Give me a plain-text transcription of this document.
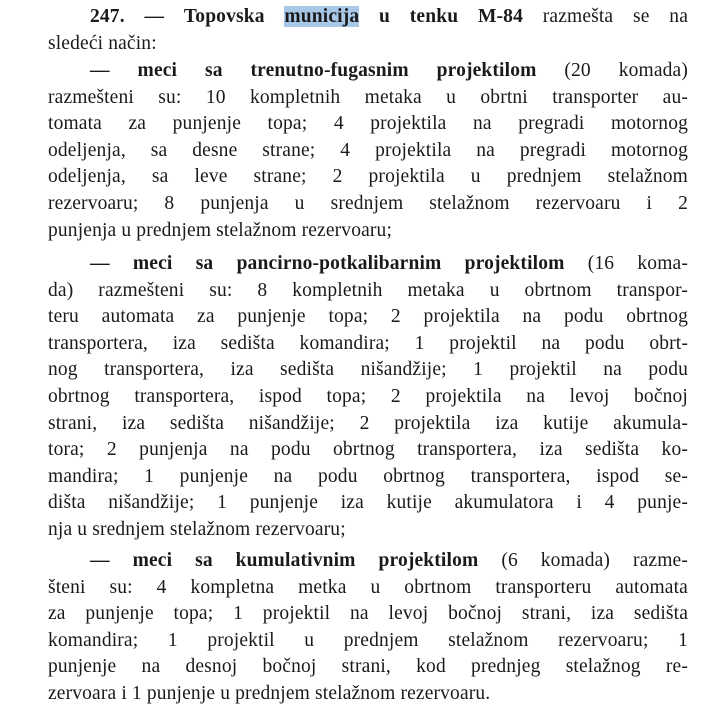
247. — Topovska municija u tenku M-84 razmešta se na
sledeći način:
— meci sa trenutno-fugasnim projektilom (20 komada)
razmešteni su: 10 kompletnih metaka u obrtni transporter au-
tomata za punjenje topa; 4 projektila na pregradi motornog
odeljenja, sa desne strane; 4 projektila na pregradi motornog
odeljenja, sa leve strane; 2 projektila u prednjem stelažnom
rezervoaru; 8 punjenja u srednjem stelažnom rezervoaru i 2
punjenja u prednjem stelažnom rezervoaru;
— meci sa pancirno-potkalibarnim projektilom (16 koma-
da) razmešteni su: 8 kompletnih metaka u obrtnom transpor-
teru automata za punjenje topa; 2 projektila na podu obrtnog
transportera, iza sedišta komandira; 1 projektil na podu obrt-
nog transportera, iza sedišta nišandžije; 1 projektil na podu
obrtnog transportera, ispod topa; 2 projektila na levoj bočnoj
strani, iza sedišta nišandžije; 2 projektila iza kutije akumula-
tora; 2 punjenja na podu obrtnog transportera, iza sedišta ko-
mandira; 1 punjenje na podu obrtnog transportera, ispod se-
dišta nišandžije; 1 punjenje iza kutije akumulatora i 4 punje-
nja u srednjem stelažnom rezervoaru;
— meci sa kumulativnim projektilom (6 komada) razme-
šteni su: 4 kompletna metka u obrtnom transporteru automata
za punjenje topa; 1 projektil na levoj bočnoj strani, iza sedišta
komandira; 1 projektil u prednjem stelažnom rezervoaru; 1
punjenje na desnoj bočnoj strani, kod prednjeg stelažnog re-
zervoara i 1 punjenje u prednjem stelažnom rezervoaru.
